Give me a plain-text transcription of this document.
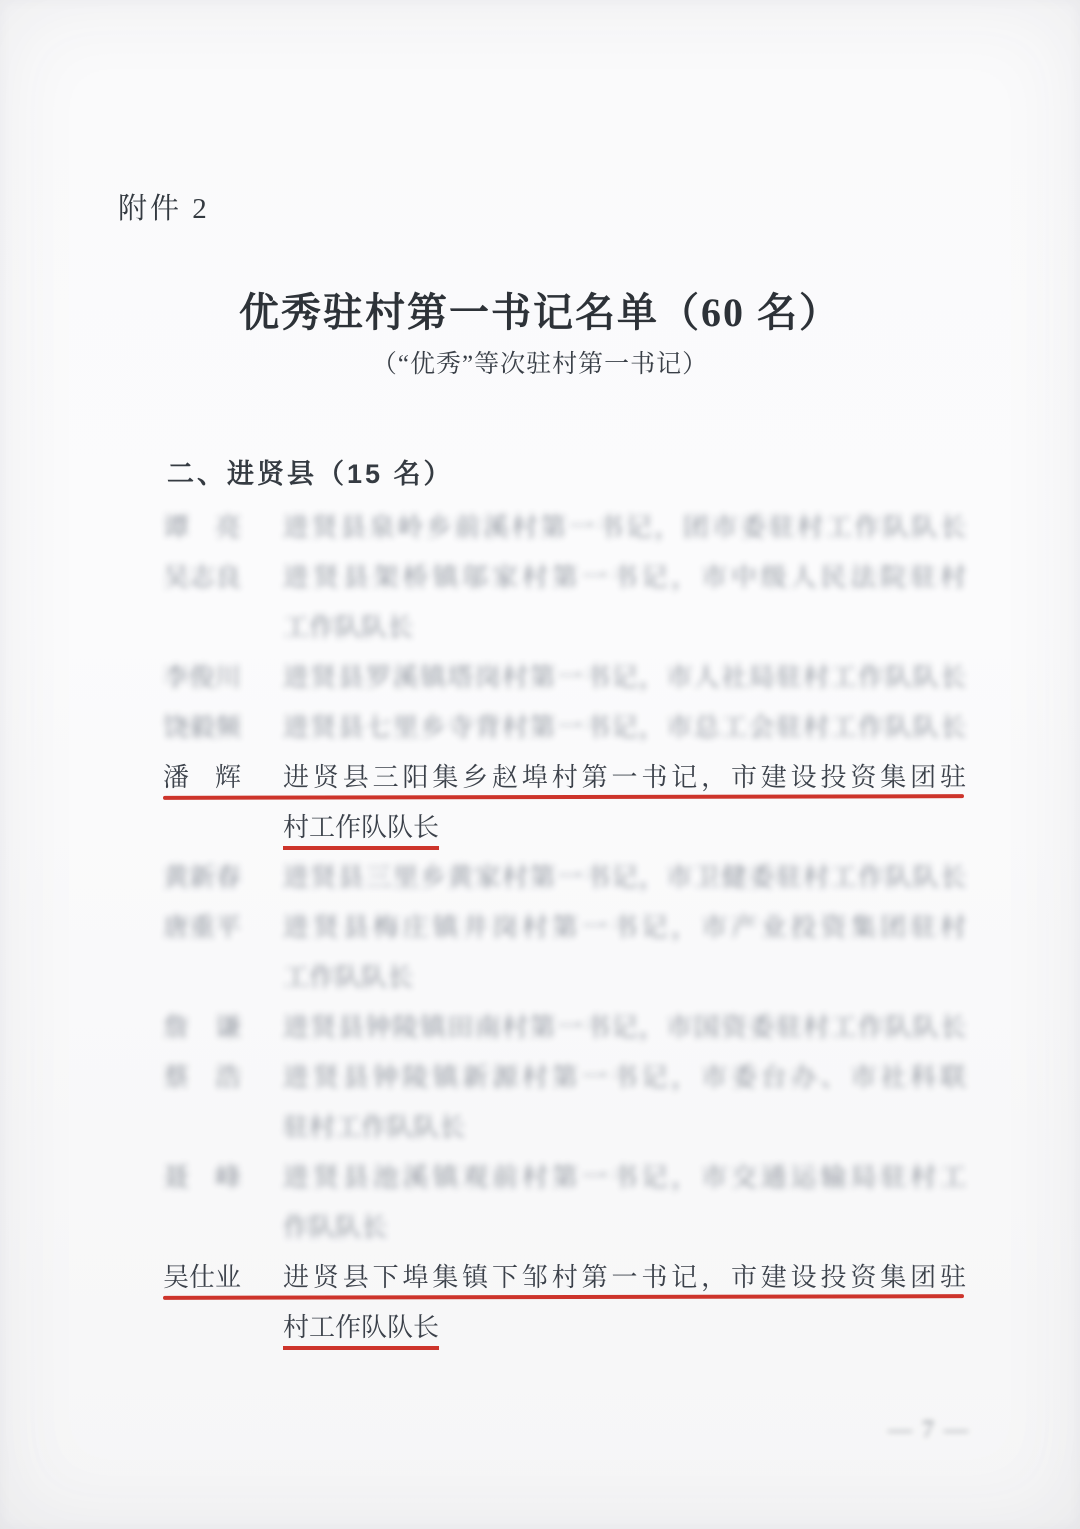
附件 2
优秀驻村第一书记名单（60 名）
（“优秀”等次驻村第一书记）
二、进贤县（15 名）
谭 亮 进贤县泉岭乡前溪村第一书记，团市委驻村工作队队长
吴 志 良 进贤县架桥镇邬家村第一书记，市中级人民法院驻村
工作队队长
李 俊 川 进贤县罗溪镇塔岗村第一书记，市人社局驻村工作队队长
饶 毅 频 进贤县七里乡寺背村第一书记，市总工会驻村工作队队长
潘 辉 进贤县三阳集乡赵埠村第一书记，市建设投资集团驻
村工作队队长
黄 新 春 进贤县三里乡黄家村第一书记，市卫健委驻村工作队队长
唐 重 平 进贤县梅庄镇井岗村第一书记，市产业投资集团驻村
工作队队长
詹 谦 进贤县钟陵镇田南村第一书记，市国资委驻村工作队队长
蔡 浩 进贤县钟陵镇新源村第一书记，市委台办、市社科联
驻村工作队队长
聂 峰 进贤县池溪镇观前村第一书记，市交通运输局驻村工
作队队长
吴 仕 业 进贤县下埠集镇下邹村第一书记，市建设投资集团驻
村工作队队长
— 7 —
